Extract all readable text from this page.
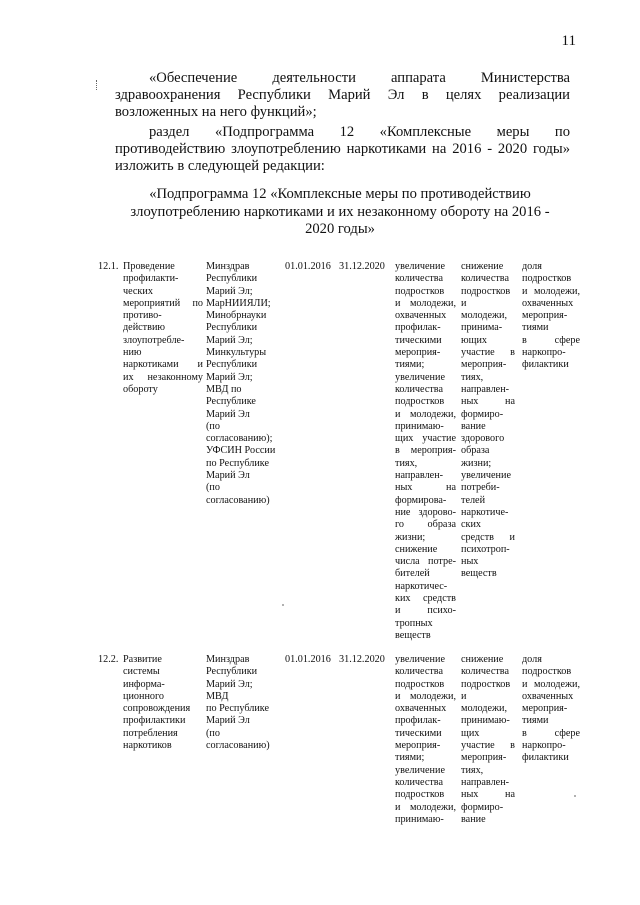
11
«Обеспечение деятельности аппарата Министерства здравоохранения Республики Марий Эл в целях реализации возложенных на него функций»;
раздел «Подпрограмма 12 «Комплексные меры по противодействию злоупотреблению наркотиками на 2016 - 2020 годы» изложить в следующей редакции:
«Подпрограмма 12 «Комплексные меры по противодействию злоупотреблению наркотиками и их незаконному обороту на 2016 - 2020 годы»
12.1. Проведение
профилакти-
ческих
мероприятий по
противо-
действию
злоупотребле-
нию
наркотиками и
их незаконному
обороту
Минздрав
Республики
Марий Эл;
МарНИИЯЛИ;
Минобрнауки
Республики
Марий Эл;
Минкультуры
Республики
Марий Эл;
МВД по
Республике
Марий Эл
(по
согласованию);
УФСИН России
по Республике
Марий Эл
(по
согласованию)
01.01.2016 31.12.2020 увеличение
количества
подростков
и молодежи,
охваченных
профилак-
тическими
мероприя-
тиями;
увеличение
количества
подростков
и молодежи,
принимаю-
щих участие
в мероприя-
тиях,
направлен-
ных на
формирова-
ние здорово-
го образа
жизни;
снижение
числа потре-
бителей
наркотичес-
ких средств
и психо-
тропных
веществ
снижение
количества
подростков
и
молодежи,
принима-
ющих
участие в
мероприя-
тиях,
направлен-
ных на
формиро-
вание
здорового
образа
жизни;
увеличение
потреби-
телей
наркотиче-
ских
средств и
психотроп-
ных
веществ
доля
подростков
и молодежи,
охваченных
мероприя-
тиями
в сфере
наркопро-
филактики
12.2. Развитие
системы
информа-
ционного
сопровождения
профилактики
потребления
наркотиков
Минздрав
Республики
Марий Эл;
МВД
по Республике
Марий Эл
(по
согласованию)
01.01.2016 31.12.2020 увеличение
количества
подростков
и молодежи,
охваченных
профилак-
тическими
мероприя-
тиями;
увеличение
количества
подростков
и молодежи,
принимаю-
снижение
количества
подростков
и молодежи,
принимаю-
щих
участие в
мероприя-
тиях,
направлен-
ных на
формиро-
вание
доля
подростков
и молодежи,
охваченных
мероприя-
тиями
в сфере
наркопро-
филактики
